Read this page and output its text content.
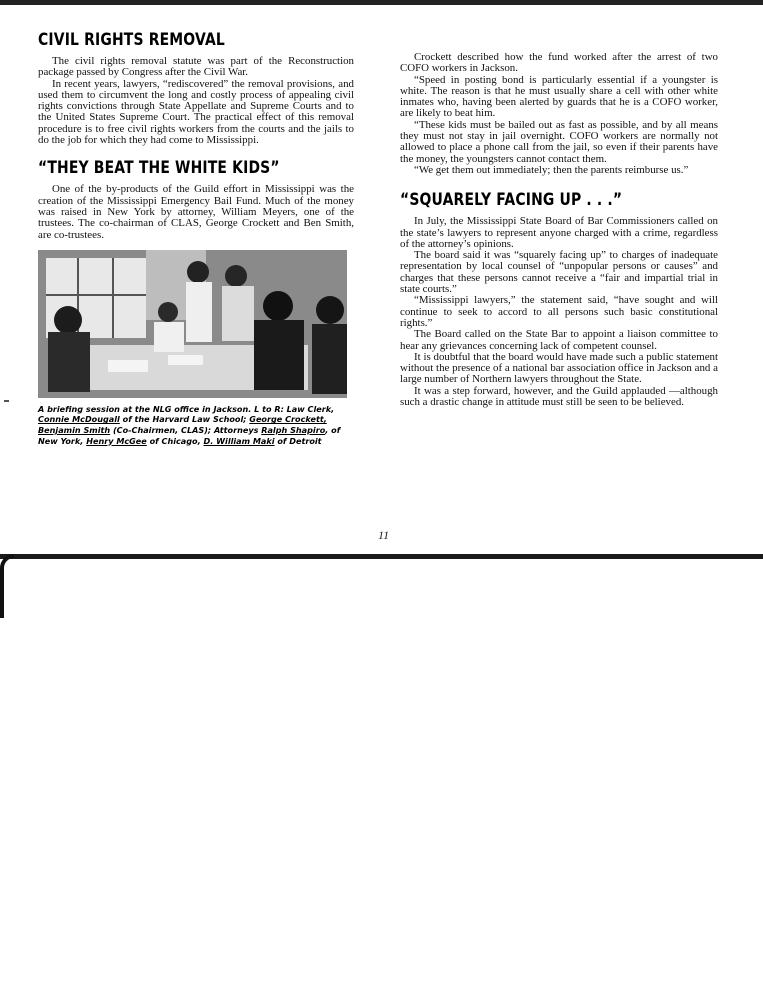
CIVIL RIGHTS REMOVAL

The civil rights removal statute was part of the Reconstruction package passed by Congress after the Civil War.

In recent years, lawyers, “rediscovered” the removal provisions, and used them to circumvent the long and costly process of appealing civil rights convictions through State Appellate and Supreme Courts and to the United States Supreme Court. The practical effect of this removal procedure is to free civil rights workers from the courts and the jails to do the job for which they had come to Mississippi.

“THEY BEAT THE WHITE KIDS”

One of the by-products of the Guild effort in Mississippi was the creation of the Mississippi Emergency Bail Fund. Much of the money was raised in New York by attorney, William Meyers, one of the trustees. The co-chairman of CLAS, George Crockett and Ben Smith, are co-trustees.

A briefing session at the NLG office in Jackson. L to R: Law Clerk, Connie McDougall of the Harvard Law School; George Crockett, Benjamin Smith (Co-Chairmen, CLAS); Attorneys Ralph Shapiro, of New York, Henry McGee of Chicago, D. William Maki of Detroit

Crockett described how the fund worked after the arrest of two COFO workers in Jackson.

“Speed in posting bond is particularly essential if a youngster is white. The reason is that he must usually share a cell with other white inmates who, having been alerted by guards that he is a COFO worker, are likely to beat him.

“These kids must be bailed out as fast as possible, and by all means they must not stay in jail overnight. COFO workers are normally not allowed to place a phone call from the jail, so even if their parents have the money, the youngsters cannot contact them.

“We get them out immediately; then the parents reimburse us.”

“SQUARELY FACING UP . . .”

In July, the Mississippi State Board of Bar Commissioners called on the state’s lawyers to represent anyone charged with a crime, regardless of the attorney’s opinions.

The board said it was “squarely facing up” to charges of inadequate representation by local counsel of “unpopular persons or causes” and charges that these persons cannot receive a “fair and impartial trial in state courts.”

“Mississippi lawyers,” the statement said, “have sought and will continue to seek to accord to all persons such basic constitutional rights.”

The Board called on the State Bar to appoint a liaison committee to hear any grievances concerning lack of competent counsel.

It is doubtful that the board would have made such a public statement without the presence of a national bar association office in Jackson and a large number of Northern lawyers throughout the State.

It was a step forward, however, and the Guild applauded —although such a drastic change in attitude must still be seen to be believed.

11
